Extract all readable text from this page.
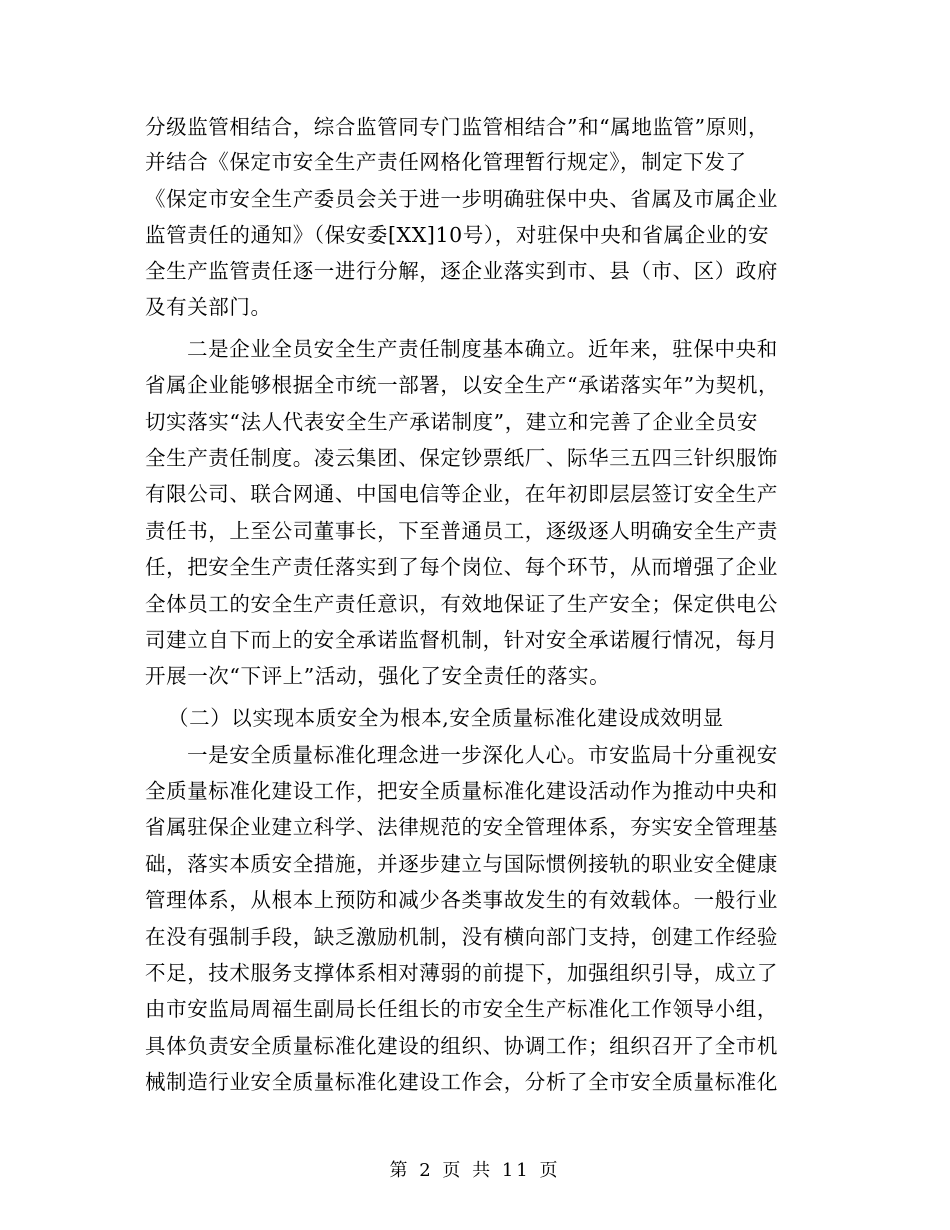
分级监管相结合，综合监管同专门监管相结合”和“属地监管”原则，
并结合《保定市安全生产责任网格化管理暂行规定》，制定下发了
《保定市安全生产委员会关于进一步明确驻保中央、省属及市属企业
监管责任的通知》（保安委[XX]10号），对驻保中央和省属企业的安
全生产监管责任逐一进行分解，逐企业落实到市、县（市、区）政府
及有关部门。
二是企业全员安全生产责任制度基本确立。近年来，驻保中央和
省属企业能够根据全市统一部署，以安全生产“承诺落实年”为契机，
切实落实“法人代表安全生产承诺制度”，建立和完善了企业全员安
全生产责任制度。凌云集团、保定钞票纸厂、际华三五四三针织服饰
有限公司、联合网通、中国电信等企业，在年初即层层签订安全生产
责任书，上至公司董事长，下至普通员工，逐级逐人明确安全生产责
任，把安全生产责任落实到了每个岗位、每个环节，从而增强了企业
全体员工的安全生产责任意识，有效地保证了生产安全；保定供电公
司建立自下而上的安全承诺监督机制，针对安全承诺履行情况，每月
开展一次“下评上”活动，强化了安全责任的落实。
（二）以实现本质安全为根本,安全质量标准化建设成效明显
一是安全质量标准化理念进一步深化人心。市安监局十分重视安
全质量标准化建设工作，把安全质量标准化建设活动作为推动中央和
省属驻保企业建立科学、法律规范的安全管理体系，夯实安全管理基
础，落实本质安全措施，并逐步建立与国际惯例接轨的职业安全健康
管理体系，从根本上预防和减少各类事故发生的有效载体。一般行业
在没有强制手段，缺乏激励机制，没有横向部门支持，创建工作经验
不足，技术服务支撑体系相对薄弱的前提下，加强组织引导，成立了
由市安监局周福生副局长任组长的市安全生产标准化工作领导小组，
具体负责安全质量标准化建设的组织、协调工作；组织召开了全市机
械制造行业安全质量标准化建设工作会，分析了全市安全质量标准化
第 2 页 共 11 页
